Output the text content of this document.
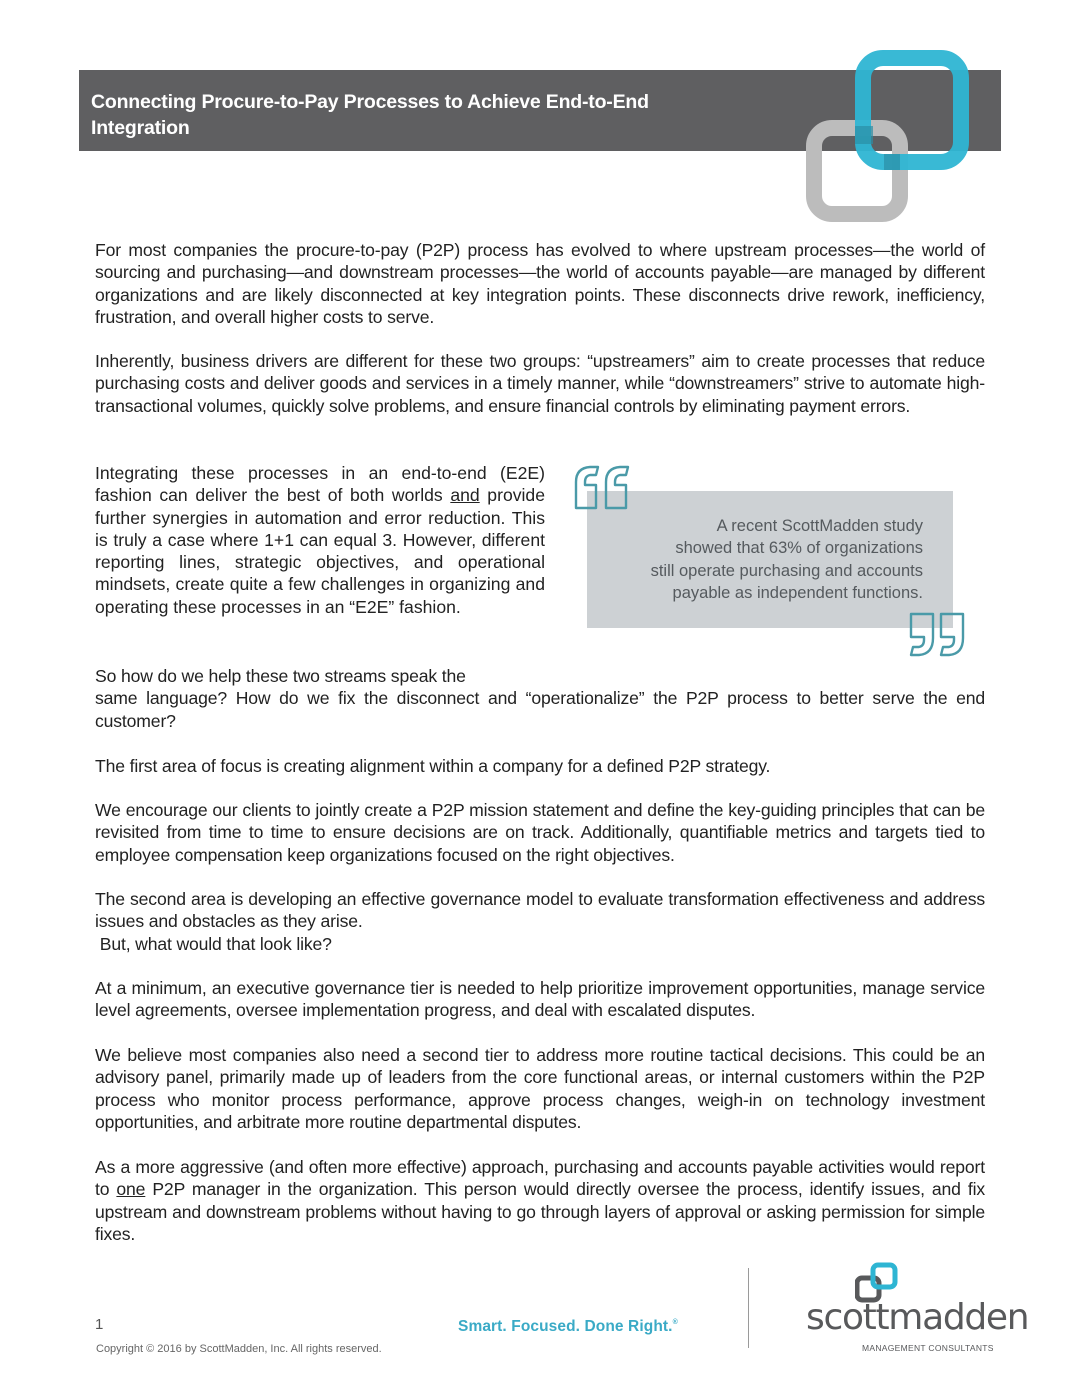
Connecting Procure-to-Pay Processes to Achieve End-to-End
Integration

For most companies the procure-to-pay (P2P) process has evolved to where upstream processes—the world of sourcing and purchasing—and downstream processes—the world of accounts payable—are managed by different organizations and are likely disconnected at key integration points. These disconnects drive rework, inefficiency, frustration, and overall higher costs to serve.

Inherently, business drivers are different for these two groups: “upstreamers” aim to create processes that reduce purchasing costs and deliver goods and services in a timely manner, while “downstreamers” strive to automate high-transactional volumes, quickly solve problems, and ensure financial controls by eliminating payment errors.

Integrating these processes in an end-to-end (E2E) fashion can deliver the best of both worlds and provide further synergies in automation and error reduction. This is truly a case where 1+1 can equal 3. However, different reporting lines, strategic objectives, and operational mindsets, create quite a few challenges in organizing and operating these processes in an “E2E” fashion.

A recent ScottMadden study
showed that 63% of organizations
still operate purchasing and accounts
payable as independent functions.
So how do we help these two streams speak the
same language? How do we fix the disconnect and “operationalize” the P2P process to better serve the end customer?

The first area of focus is creating alignment within a company for a defined P2P strategy.

We encourage our clients to jointly create a P2P mission statement and define the key-guiding principles that can be revisited from time to time to ensure decisions are on track. Additionally, quantifiable metrics and targets tied to employee compensation keep organizations focused on the right objectives.

The second area is developing an effective governance model to evaluate transformation effectiveness and address issues and obstacles as they arise.
But, what would that look like?

At a minimum, an executive governance tier is needed to help prioritize improvement opportunities, manage service level agreements, oversee implementation progress, and deal with escalated disputes.

We believe most companies also need a second tier to address more routine tactical decisions. This could be an advisory panel, primarily made up of leaders from the core functional areas, or internal customers within the P2P process who monitor process performance, approve process changes, weigh-in on technology investment opportunities, and arbitrate more routine departmental disputes.

As a more aggressive (and often more effective) approach, purchasing and accounts payable activities would report to one P2P manager in the organization. This person would directly oversee the process, identify issues, and fix upstream and downstream problems without having to go through layers of approval or asking permission for simple fixes.

1
Copyright © 2016 by ScottMadden, Inc. All rights reserved.
Smart. Focused. Done Right.®	scottmadden
MANAGEMENT CONSULTANTS
